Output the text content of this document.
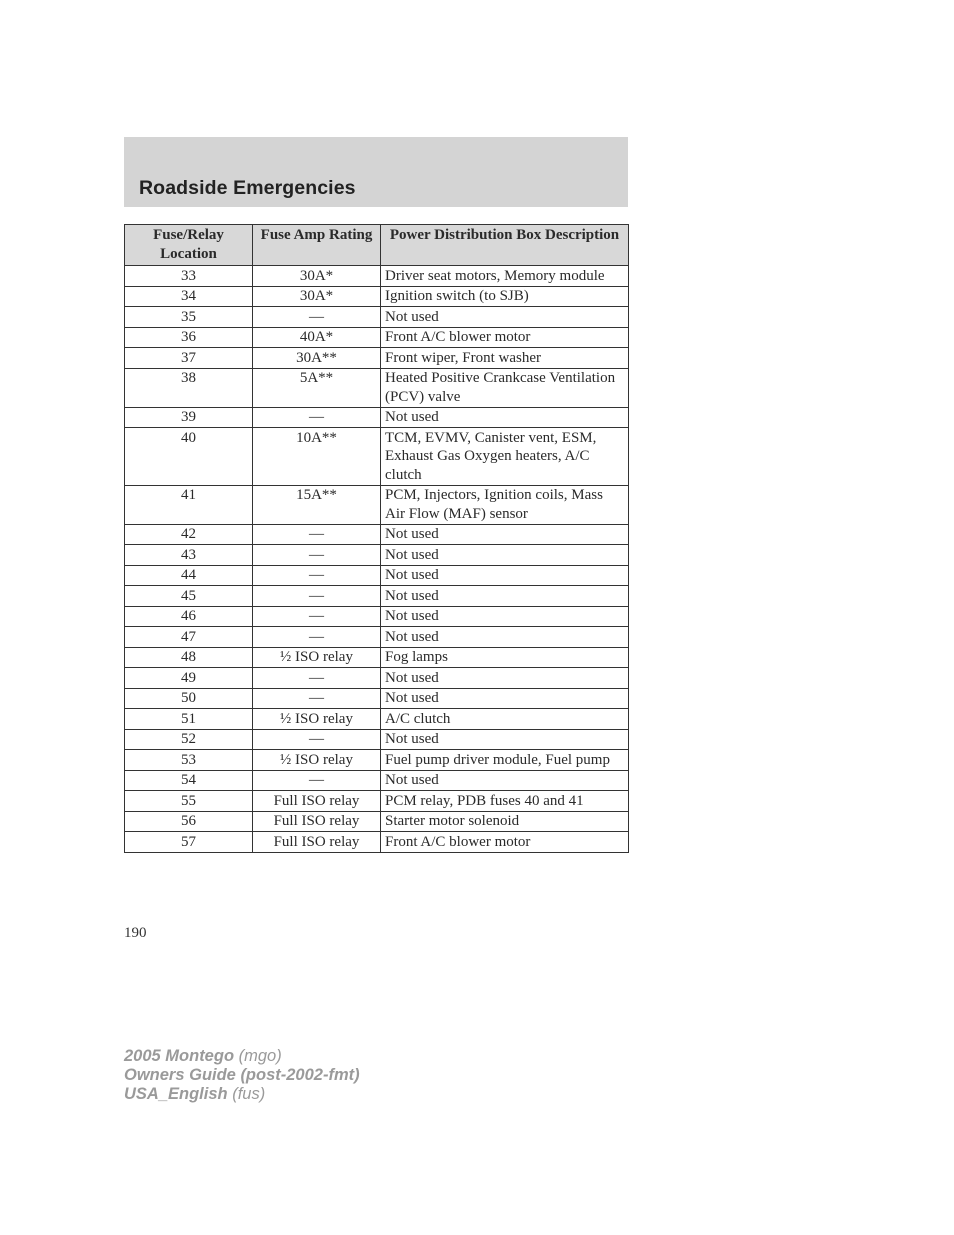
Roadside Emergencies
Fuse/Relay Location	Fuse Amp Rating	Power Distribution Box Description
33	30A*	Driver seat motors, Memory module
34	30A*	Ignition switch (to SJB)
35	—	Not used
36	40A*	Front A/C blower motor
37	30A**	Front wiper, Front washer
38	5A**	Heated Positive Crankcase Ventilation (PCV) valve
39	—	Not used
40	10A**	TCM, EVMV, Canister vent, ESM, Exhaust Gas Oxygen heaters, A/C clutch
41	15A**	PCM, Injectors, Ignition coils, Mass Air Flow (MAF) sensor
42	—	Not used
43	—	Not used
44	—	Not used
45	—	Not used
46	—	Not used
47	—	Not used
48	½ ISO relay	Fog lamps
49	—	Not used
50	—	Not used
51	½ ISO relay	A/C clutch
52	—	Not used
53	½ ISO relay	Fuel pump driver module, Fuel pump
54	—	Not used
55	Full ISO relay	PCM relay, PDB fuses 40 and 41
56	Full ISO relay	Starter motor solenoid
57	Full ISO relay	Front A/C blower motor
190
2005 Montego (mgo)
Owners Guide (post-2002-fmt)
USA_English (fus)
